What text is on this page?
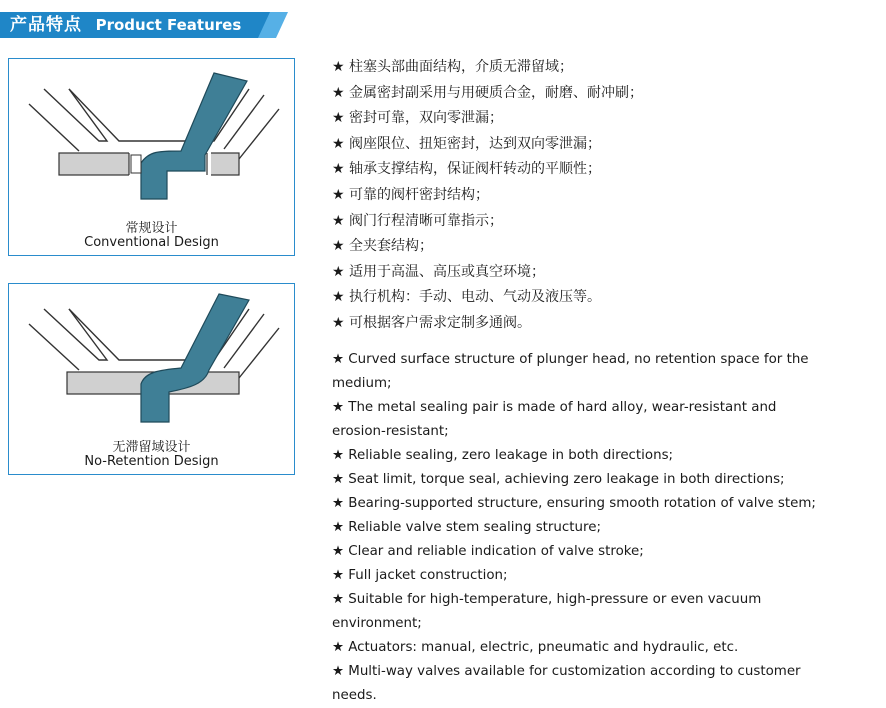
产品特点 Product Features
常规设计
Conventional Design
无滞留域设计
No-Retention Design
★ 柱塞头部曲面结构，介质无滞留域；
★ 金属密封副采用与用硬质合金，耐磨、耐冲刷；
★ 密封可靠，双向零泄漏；
★ 阀座限位、扭矩密封，达到双向零泄漏；
★ 轴承支撑结构，保证阀杆转动的平顺性；
★ 可靠的阀杆密封结构；
★ 阀门行程清晰可靠指示；
★ 全夹套结构；
★ 适用于高温、高压或真空环境；
★ 执行机构：手动、电动、气动及液压等。
★ 可根据客户需求定制多通阀。

★ Curved surface structure of plunger head, no retention space for the medium;

★ The metal sealing pair is made of hard alloy, wear-resistant and erosion-resistant;

★ Reliable sealing, zero leakage in both directions;

★ Seat limit, torque seal, achieving zero leakage in both directions;

★ Bearing-supported structure, ensuring smooth rotation of valve stem;

★ Reliable valve stem sealing structure;

★ Clear and reliable indication of valve stroke;

★ Full jacket construction;

★ Suitable for high-temperature, high-pressure or even vacuum environment;

★ Actuators: manual, electric, pneumatic and hydraulic, etc.

★ Multi-way valves available for customization according to customer needs.
